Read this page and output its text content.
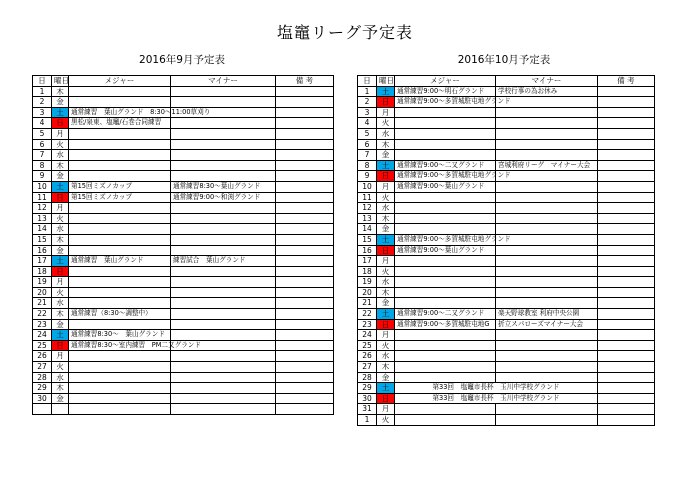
塩竈リーグ予定表
2016年9月予定表	2016年10月予定表
日	曜日	メジャー	マイナー	備 考
1	木			
2	金			
3	土	通常練習　葉山グランド　8:30～11:00草刈り		
4	日	黒松/泉東、塩竈/石巻合同練習		
5	月			
6	火			
7	水			
8	木			
9	金			
10	土	第15回ミズノカップ	通常練習8:30～葉山グランド	
11	日	第15回ミズノカップ	通常練習9:00～和渕グランド	
12	月			
13	火			
14	水			
15	木			
16	金			
17	土	通常練習　葉山グランド	練習試合　葉山グランド	
18	日			
19	月			
20	火			
21	水			
22	木	通常練習（8:30～調整中）		
23	金			
24	土	通常練習8:30～　葉山グランド		
25	日	通常練習8:30～室内練習　PM二又グランド		
26	月			
27	火			
28	水			
29	木			
30	金			

日	曜日	メジャー	マイナー	備 考
1	土	通常練習9:00～明石グランド	学校行事の為お休み	
2	日	通常練習9:00～多賀城駐屯地グランド		
3	月			
4	火			
5	水			
6	木			
7	金			
8	土	通常練習9:00～二又グランド	宮城利府リーグ　マイナー大会	
9	日	通常練習9:00～多賀城駐屯地グランド		
10	月	通常練習9:00～葉山グランド		
11	火			
12	水			
13	木			
14	金			
15	土	通常練習9:00～多賀城駐屯地グランド		
16	日	通常練習9:00～葉山グランド		
17	月			
18	火			
19	水			
20	木			
21	金			
22	土	通常練習9:00～二又グランド	楽天野球教室 利府中央公園	
23	日	通常練習9:00～多賀城駐屯地G	折立スパローズマイナー大会	
24	月			
25	火			
26	水			
27	木			
28	金			
29	土	第33回　塩竈市長杯　玉川中学校グランド		
30	日	第33回　塩竈市長杯　玉川中学校グランド		
31	月			
1	火			
